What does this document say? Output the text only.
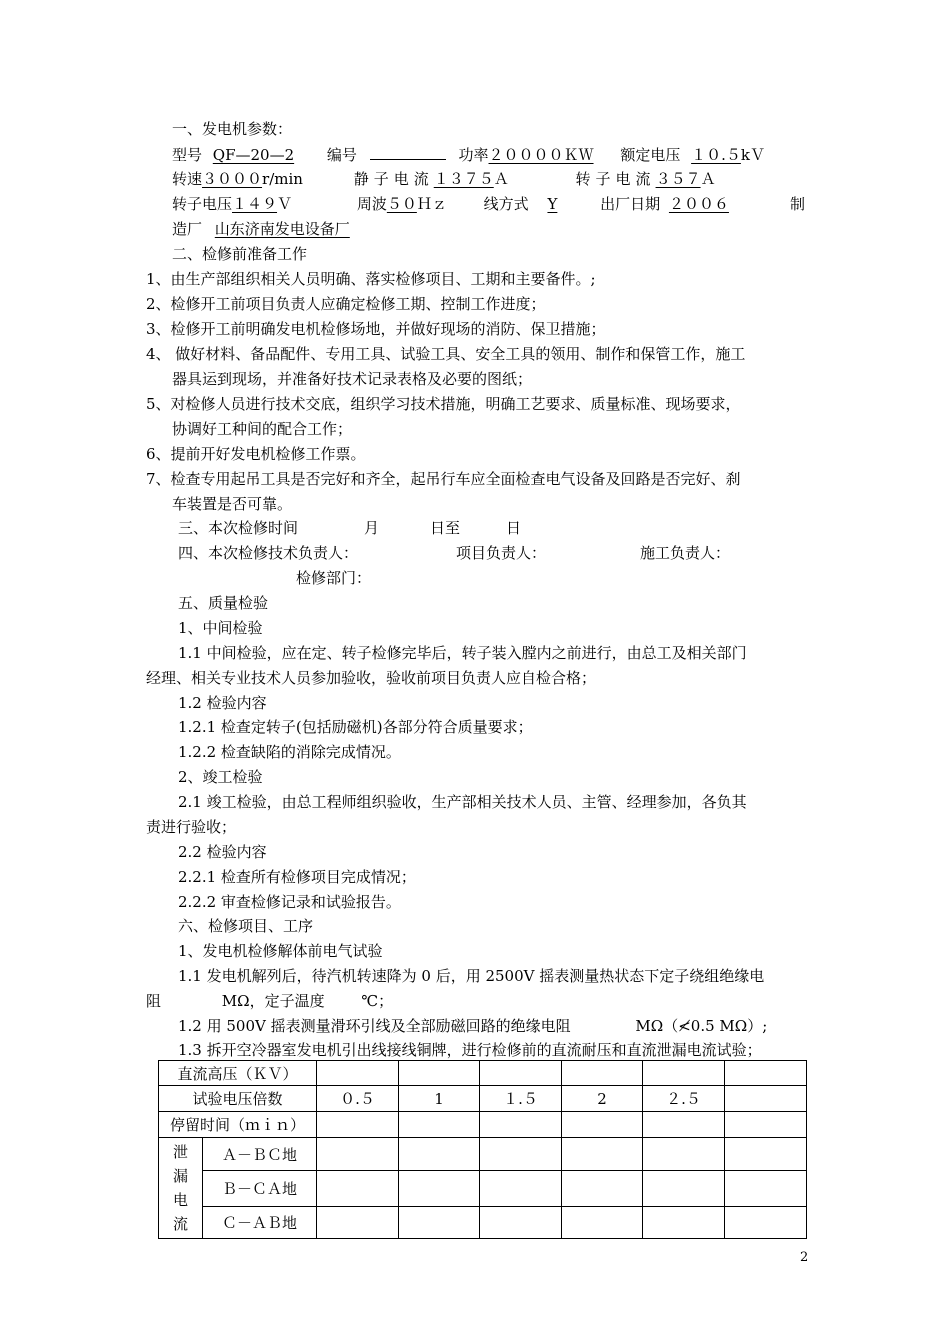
一、发电机参数：
型号 QF—20—2 编号	功率２００００ＫＷ 额定电压 １０.５kＶ
转速３０００r/min	静子电流１３７５Ａ	转子电流３５７Ａ
转子电压１４９Ｖ	周波５０Ｈｚ 线方式 Y	出厂日期 ２００６	制
造厂 山东济南发电设备厂
二、检修前准备工作
1、由生产部组织相关人员明确、落实检修项目、工期和主要备件。;
2、检修开工前项目负责人应确定检修工期、控制工作进度；
3、检修开工前明确发电机检修场地，并做好现场的消防、保卫措施；
4、 做好材料、备品配件、专用工具、试验工具、安全工具的领用、制作和保管工作，施工
器具运到现场，并准备好技术记录表格及必要的图纸；
5、对检修人员进行技术交底，组织学习技术措施，明确工艺要求、质量标准、现场要求，
协调好工种间的配合工作；
6、提前开好发电机检修工作票。
7、检查专用起吊工具是否完好和齐全，起吊行车应全面检查电气设备及回路是否完好、刹
车装置是否可靠。
三、本次检修时间	月	日至	日
四、本次检修技术负责人：	项目负责人：	施工负责人：
检修部门：
五、质量检验
1、中间检验
1.1 中间检验，应在定、转子检修完毕后，转子装入膛内之前进行，由总工及相关部门
经理、相关专业技术人员参加验收，验收前项目负责人应自检合格；
1.2 检验内容
1.2.1 检查定转子(包括励磁机)各部分符合质量要求；
1.2.2 检查缺陷的消除完成情况。
2、竣工检验
2.1 竣工检验，由总工程师组织验收，生产部相关技术人员、主管、经理参加，各负其
责进行验收；
2.2 检验内容
2.2.1 检查所有检修项目完成情况；
2.2.2 审查检修记录和试验报告。
六、检修项目、工序
1、发电机检修解体前电气试验
1.1 发电机解列后，待汽机转速降为 0 后，用 2500V 摇表测量热状态下定子绕组绝缘电
阻	MΩ，定子温度 ℃；
1.2 用 500V 摇表测量滑环引线及全部励磁回路的绝缘电阻	MΩ（≮0.5 MΩ）;
1.3 拆开空冷器室发电机引出线接线铜牌，进行检修前的直流耐压和直流泄漏电流试验；
直流高压（ＫＶ）							
试验电压倍数		０.５	1	１.５	2	２.５	
停留时间（ｍｉｎ）							

泄
漏
电
流	Ａ－ＢＣ地						
	Ｂ－ＣＡ地						
	Ｃ－ＡＢ地						
2
